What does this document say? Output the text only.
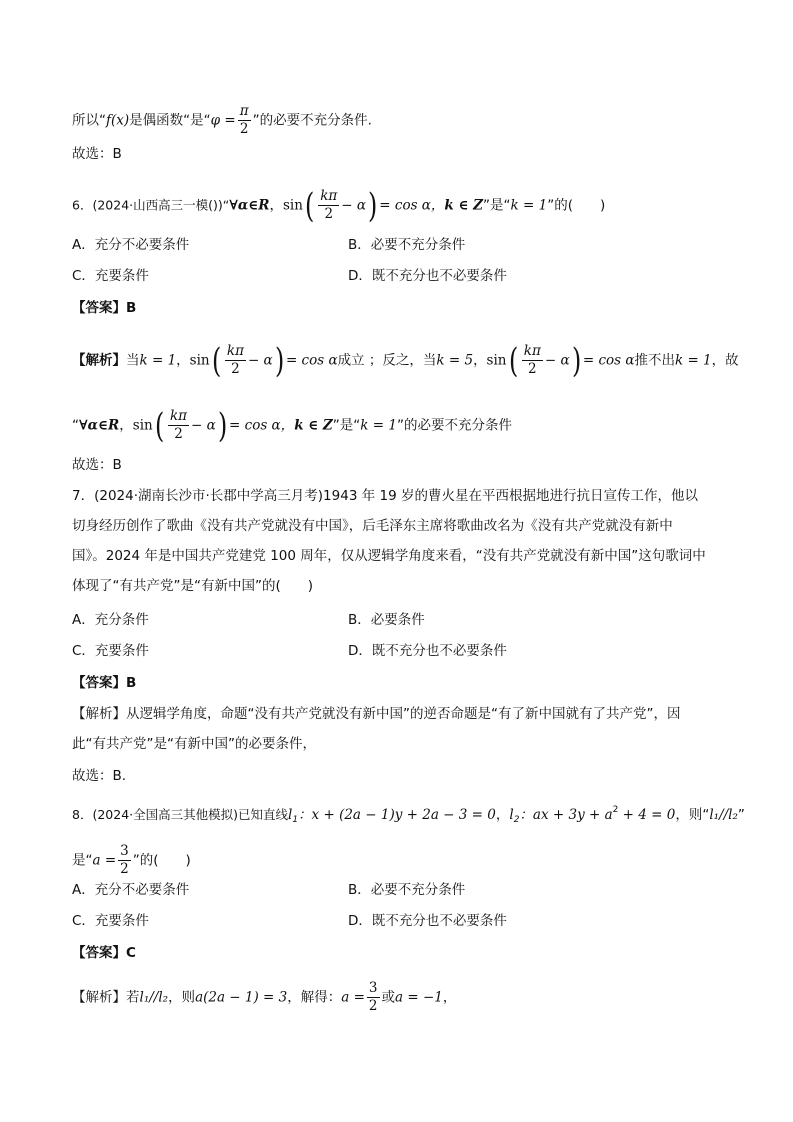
所以“f(x)是偶函数“是“$\varphi = \frac{\pi}{2}$ ”的必要不充分条件.
故选：B
6．(2024·山西高三一模())“∀α∈R，$\sin( \frac{k\pi}{2} - \alpha) = \cos \alpha$，k ∈ Z”是“k = 1”的(　　)
A．充分不必要条件	B．必要不充分条件
C．充要条件	D．既不充分也不必要条件
【答案】B
【解析】当k = 1，$\sin( \frac{k\pi}{2} - \alpha) = \cos \alpha$成立 ；反之，当k = 5，$\sin( \frac{k\pi}{2} - \alpha) = \cos \alpha$推不出k = 1，故
“∀α∈R，$\sin( \frac{k\pi}{2} - \alpha) = \cos \alpha$，k ∈ Z”是“k = 1”的必要不充分条件
故选：B
7．(2024·湖南长沙市·长郡中学高三月考)1943 年 19 岁的曹火星在平西根据地进行抗日宣传工作，他以
切身经历创作了歌曲《没有共产党就没有中国》，后毛泽东主席将歌曲改名为《没有共产党就没有新中
国》。2024 年是中国共产党建党 100 周年，仅从逻辑学角度来看，“没有共产党就没有新中国”这句歌词中
体现了“有共产党”是“有新中国”的(　　)
A．充分条件	B．必要条件
C．充要条件	D．既不充分也不必要条件
【答案】B
【解析】从逻辑学角度，命题“没有共产党就没有新中国”的逆否命题是“有了新中国就有了共产党”，因
此“有共产党”是“有新中国”的必要条件，
故选：B.
8．(2024·全国高三其他模拟)已知直线$l_1$：x + (2a − 1)y + 2a − 3 = 0，$l_2$：ax + $3y + a^2 + 4 = 0$，则“l₁//l₂”
是“$a = \frac{3}{2}$ ”的(　　)
A．充分不必要条件	B．必要不充分条件
C．充要条件	D．既不充分也不必要条件
【答案】C
【解析】若l₁//l₂，则a(2a − 1) = 3，解得：$a = \frac{3}{2}$ 或a = −1，
